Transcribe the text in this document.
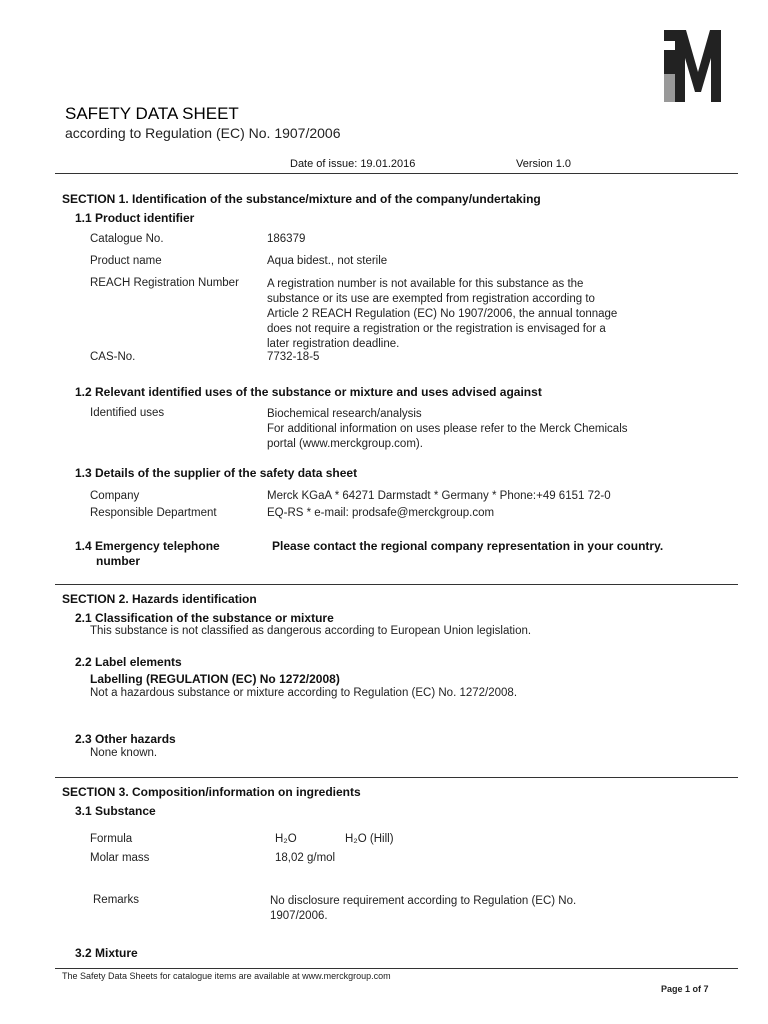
SAFETY DATA SHEET
according to Regulation (EC) No. 1907/2006
Date of issue: 19.01.2016	Version 1.0
SECTION 1. Identification of the substance/mixture and of the company/undertaking
1.1 Product identifier
Catalogue No.	186379
Product name	Aqua bidest., not sterile
REACH Registration Number A registration number is not available for this substance as the
substance or its use are exempted from registration according to
Article 2 REACH Regulation (EC) No 1907/2006, the annual tonnage
does not require a registration or the registration is envisaged for a
later registration deadline.
CAS-No.	7732-18-5
1.2 Relevant identified uses of the substance or mixture and uses advised against
Identified uses	Biochemical research/analysis
For additional information on uses please refer to the Merck Chemicals
portal (www.merckgroup.com).
1.3 Details of the supplier of the safety data sheet
Company	Merck KGaA * 64271 Darmstadt * Germany * Phone:+49 6151 72-0
Responsible Department	EQ-RS * e-mail: prodsafe@merckgroup.com
1.4 Emergency telephone
number
Please contact the regional company representation in your country.
SECTION 2. Hazards identification
2.1 Classification of the substance or mixture
This substance is not classified as dangerous according to European Union legislation.
2.2 Label elements
Labelling (REGULATION (EC) No 1272/2008)
Not a hazardous substance or mixture according to Regulation (EC) No. 1272/2008.
2.3 Other hazards
None known.
SECTION 3. Composition/information on ingredients
3.1 Substance
Formula	H₂O	H₂O (Hill)
Molar mass	18,02 g/mol
Remarks	No disclosure requirement according to Regulation (EC) No.
1907/2006.
3.2 Mixture
The Safety Data Sheets for catalogue items are available at www.merckgroup.com
Page 1 of 7
